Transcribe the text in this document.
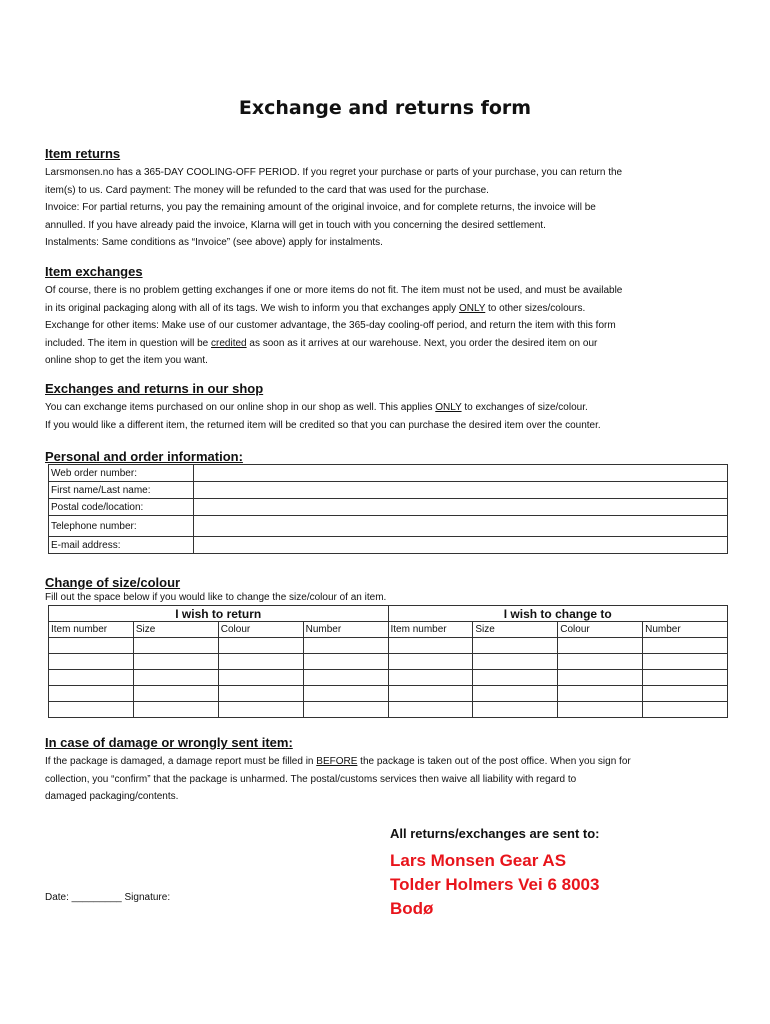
Exchange and returns form

Item returns

Larsmonsen.no has a 365-DAY COOLING-OFF PERIOD. If you regret your purchase or parts of your purchase, you can return the

item(s) to us. Card payment: The money will be refunded to the card that was used for the purchase.

Invoice: For partial returns, you pay the remaining amount of the original invoice, and for complete returns, the invoice will be

annulled. If you have already paid the invoice, Klarna will get in touch with you concerning the desired settlement.

Instalments: Same conditions as “Invoice” (see above) apply for instalments.

Item exchanges

Of course, there is no problem getting exchanges if one or more items do not fit. The item must not be used, and must be available

in its original packaging along with all of its tags. We wish to inform you that exchanges apply ONLY to other sizes/colours.

Exchange for other items: Make use of our customer advantage, the 365-day cooling-off period, and return the item with this form

included. The item in question will be credited as soon as it arrives at our warehouse. Next, you order the desired item on our

online shop to get the item you want.

Exchanges and returns in our shop

You can exchange items purchased on our online shop in our shop as well. This applies ONLY to exchanges of size/colour.

If you would like a different item, the returned item will be credited so that you can purchase the desired item over the counter.

Personal and order information:

Web order number:	
First name/Last name:	
Postal code/location:	
Telephone number:	
E-mail address:	

Change of size/colour

Fill out the space below if you would like to change the size/colour of an item.

I wish to return				I wish to change to			
Item number	Size	Colour	Number	Item number	Size	Colour	Number

In case of damage or wrongly sent item:

If the package is damaged, a damage report must be filled in BEFORE the package is taken out of the post office. When you sign for

collection, you “confirm” that the package is unharmed. The postal/customs services then waive all liability with regard to

damaged packaging/contents.

All returns/exchanges are sent to:

Lars Monsen Gear AS

Tolder Holmers Vei 6 8003

Bodø

Date: _________ Signature:
